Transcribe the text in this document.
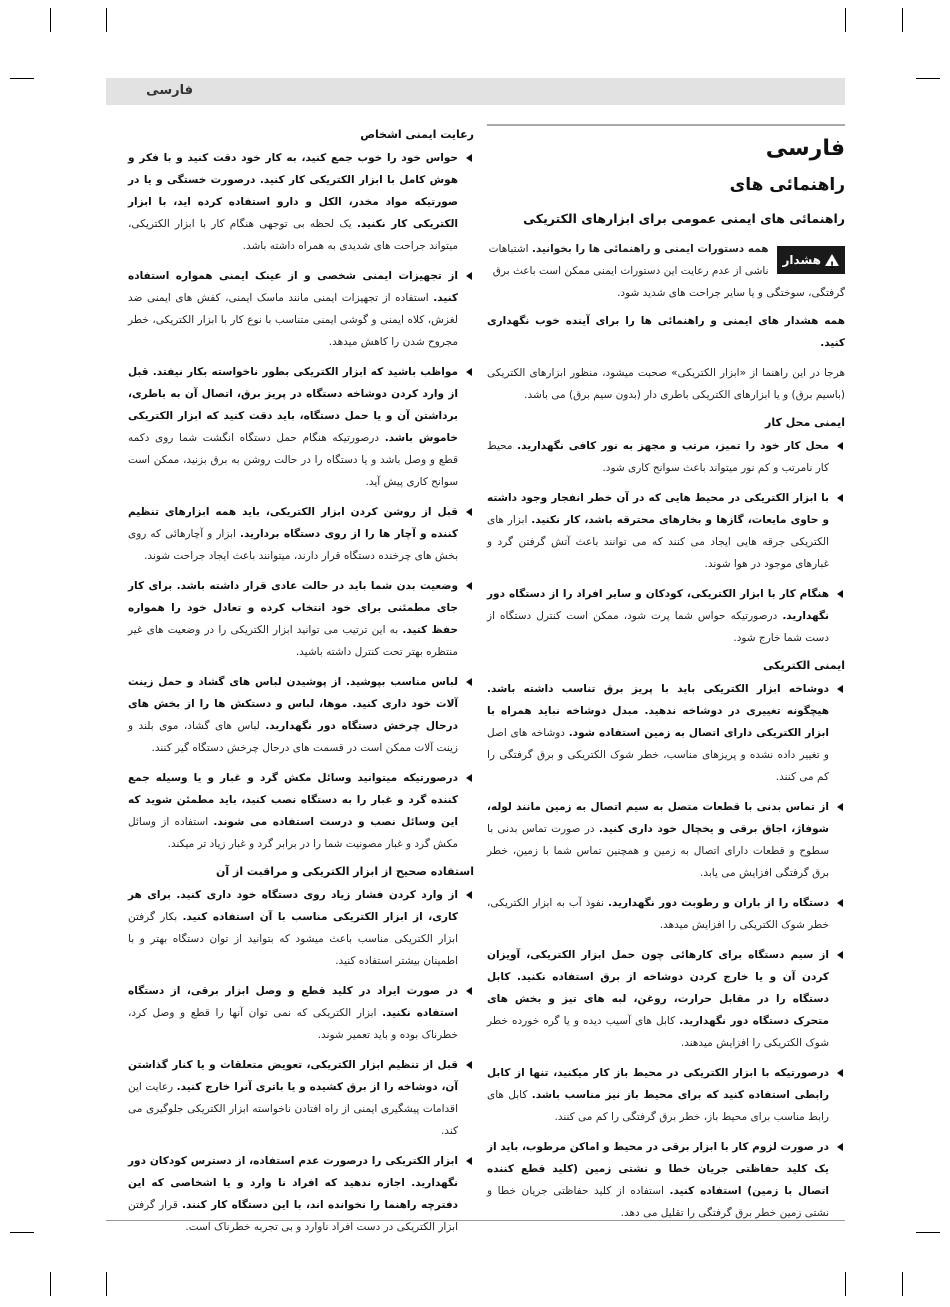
فارسی
فارسی
راهنمائی های
راهنمائی های ایمنی عمومی برای ابزارهای الکتریکی
!
هشدار
همه دستورات ایمنی و راهنمائی ها را بخوانید. اشتباهات ناشی از عدم رعایت این دستورات ایمنی ممکن است باعث برق گرفتگی، سوختگی و یا سایر جراحت های شدید شود.

همه هشدار های ایمنی و راهنمائی ها را برای آینده خوب نگهداری کنید.

هرجا در این راهنما از «ابزار الکتریکی» صحبت میشود، منظور ابزارهای الکتریکی (باسیم برق) و یا ابزارهای الکتریکی باطری دار (بدون سیم برق) می باشد.

ایمنی محل کار
محل کار خود را تمیز، مرتب و مجهز به نور کافی نگهدارید. محیط کار نامرتب و کم نور میتواند باعث سوانح کاری شود.
با ابزار الکتریکی در محیط هایی که در آن خطر انفجار وجود داشته و حاوی مایعات، گازها و بخارهای محترقه باشد، کار نکنید. ابزار های الکتریکی جرقه هایی ایجاد می کنند که می توانند باعث آتش گرفتن گرد و غبارهای موجود در هوا شوند.
هنگام کار با ابزار الکتریکی، کودکان و سایر افراد را از دستگاه دور نگهدارید. درصورتیکه حواس شما پرت شود، ممکن است کنترل دستگاه از دست شما خارج شود.
ایمنی الکتریکی
دوشاخه ابزار الکتریکی باید با پریز برق تناسب داشته باشد. هیچگونه تغییری در دوشاخه ندهید. مبدل دوشاخه نباید همراه با ابزار الکتریکی دارای اتصال به زمین استفاده شود. دوشاخه های اصل و تغییر داده نشده و پریزهای مناسب، خطر شوک الکتریکی و برق گرفتگی را کم می کنند.
از تماس بدنی با قطعات متصل به سیم اتصال به زمین مانند لوله، شوفاژ، اجاق برقی و یخچال خود داری کنید. در صورت تماس بدنی با سطوح و قطعات دارای اتصال به زمین و همچنین تماس شما با زمین، خطر برق گرفتگی افزایش می یابد.
دستگاه را از باران و رطوبت دور نگهدارید. نفوذ آب به ابزار الکتریکی، خطر شوک الکتریکی را افزایش میدهد.
از سیم دستگاه برای کارهائی چون حمل ابزار الکتریکی، آویزان کردن آن و یا خارج کردن دوشاخه از برق استفاده نکنید. کابل دستگاه را در مقابل حرارت، روغن، لبه های تیز و بخش های متحرک دستگاه دور نگهدارید. کابل های آسیب دیده و یا گره خورده خطر شوک الکتریکی را افزایش میدهند.
درصورتیکه با ابزار الکتریکی در محیط باز کار میکنید، تنها از کابل رابطی استفاده کنید که برای محیط باز نیز مناسب باشد. کابل های رابط مناسب برای محیط باز، خطر برق گرفتگی را کم می کنند.
در صورت لزوم کار با ابزار برقی در محیط و اماکن مرطوب، باید از یک کلید حفاظتی جریان خطا و نشتی زمین (کلید قطع کننده اتصال با زمین) استفاده کنید. استفاده از کلید حفاظتی جریان خطا و نشتی زمین خطر برق گرفتگی را تقلیل می دهد.
رعایت ایمنی اشخاص
حواس خود را خوب جمع کنید، به کار خود دقت کنید و با فکر و هوش کامل با ابزار الکتریکی کار کنید. درصورت خستگی و یا در صورتیکه مواد مخدر، الکل و دارو استفاده کرده اید، با ابزار الکتریکی کار نکنید. یک لحظه بی توجهی هنگام کار با ابزار الکتریکی، میتواند جراحت های شدیدی به همراه داشته باشد.
از تجهیزات ایمنی شخصی و از عینک ایمنی همواره استفاده کنید. استفاده از تجهیزات ایمنی مانند ماسک ایمنی، کفش های ایمنی ضد لغزش، کلاه ایمنی و گوشی ایمنی متناسب با نوع کار با ابزار الکتریکی، خطر مجروح شدن را کاهش میدهد.
مواظب باشید که ابزار الکتریکی بطور ناخواسته بکار نیفتد. قبل از وارد کردن دوشاخه دستگاه در پریز برق، اتصال آن به باطری، برداشتن آن و یا حمل دستگاه، باید دقت کنید که ابزار الکتریکی خاموش باشد. درصورتیکه هنگام حمل دستگاه انگشت شما روی دکمه قطع و وصل باشد و یا دستگاه را در حالت روشن به برق بزنید، ممکن است سوانح کاری پیش آید.
قبل از روشن کردن ابزار الکتریکی، باید همه ابزارهای تنظیم کننده و آچار ها را از روی دستگاه بردارید. ابزار و آچارهائی که روی بخش های چرخنده دستگاه قرار دارند، میتوانند باعث ایجاد جراحت شوند.
وضعیت بدن شما باید در حالت عادی قرار داشته باشد. برای کار جای مطمئنی برای خود انتخاب کرده و تعادل خود را همواره حفظ کنید. به این ترتیب می توانید ابزار الکتریکی را در وضعیت های غیر منتظره بهتر تحت کنترل داشته باشید.
لباس مناسب بپوشید. از پوشیدن لباس های گشاد و حمل زینت آلات خود داری کنید. موها، لباس و دستکش ها را از بخش های درحال چرخش دستگاه دور نگهدارید. لباس های گشاد، موی بلند و زینت آلات ممکن است در قسمت های درحال چرخش دستگاه گیر کنند.
درصورتیکه میتوانید وسائل مکش گرد و غبار و یا وسیله جمع کننده گرد و غبار را به دستگاه نصب کنید، باید مطمئن شوید که این وسائل نصب و درست استفاده می شوند. استفاده از وسائل مکش گرد و غبار مصونیت شما را در برابر گرد و غبار زیاد تر میکند.
استفاده صحیح از ابزار الکتریکی و مراقبت از آن
از وارد کردن فشار زیاد روی دستگاه خود داری کنید. برای هر کاری، از ابزار الکتریکی مناسب با آن استفاده کنید. بکار گرفتن ابزار الکتریکی مناسب باعث میشود که بتوانید از توان دستگاه بهتر و با اطمینان بیشتر استفاده کنید.
در صورت ایراد در کلید قطع و وصل ابزار برقی، از دستگاه استفاده نکنید. ابزار الکتریکی که نمی توان آنها را قطع و وصل کرد، خطرناک بوده و باید تعمیر شوند.
قبل از تنظیم ابزار الکتریکی، تعویض متعلقات و یا کنار گذاشتن آن، دوشاخه را از برق کشیده و یا باتری آنرا خارج کنید. رعایت این اقدامات پیشگیری ایمنی از راه افتادن ناخواسته ابزار الکتریکی جلوگیری می کند.
ابزار الکتریکی را درصورت عدم استفاده، از دسترس کودکان دور نگهدارید. اجازه ندهید که افراد نا وارد و یا اشخاصی که این دفترچه راهنما را نخوانده اند، با این دستگاه کار کنند. قرار گرفتن ابزار الکتریکی در دست افراد ناوارد و بی تجربه خطرناک است.
